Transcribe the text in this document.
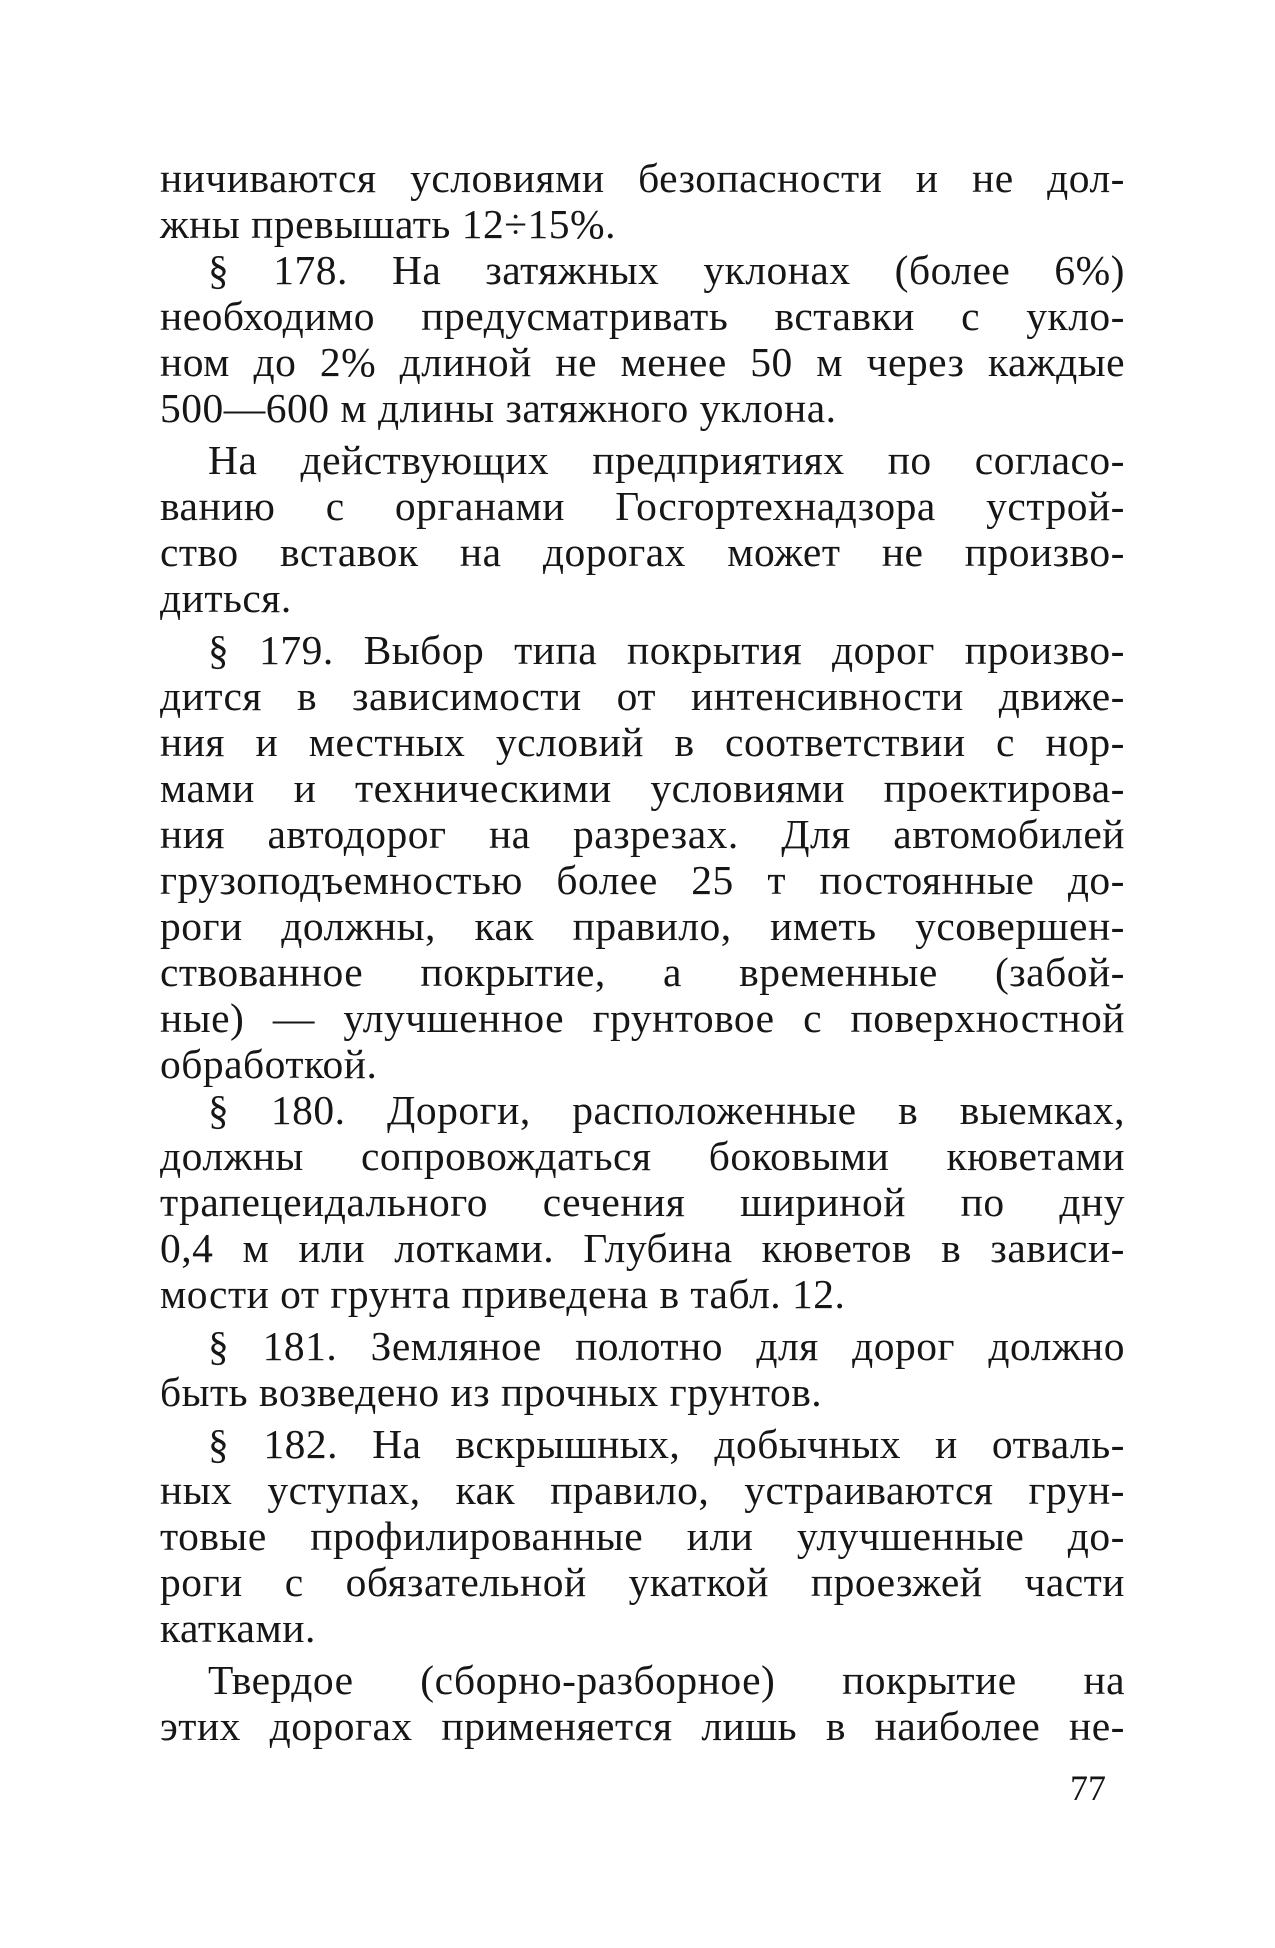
ничиваются условиями безопасности и не дол-
жны превышать 12÷15%.
§ 178. На затяжных уклонах (более 6%)
необходимо предусматривать вставки с укло-
ном до 2% длиной не менее 50 м через каждые
500—600 м длины затяжного уклона.
На действующих предприятиях по согласо-
ванию с органами Госгортехнадзора устрой-
ство вставок на дорогах может не произво-
диться.
§ 179. Выбор типа покрытия дорог произво-
дится в зависимости от интенсивности движе-
ния и местных условий в соответствии с нор-
мами и техническими условиями проектирова-
ния автодорог на разрезах. Для автомобилей
грузоподъемностью более 25 т постоянные до-
роги должны, как правило, иметь усовершен-
ствованное покрытие, а временные (забой-
ные) — улучшенное грунтовое с поверхностной
обработкой.
§ 180. Дороги, расположенные в выемках,
должны сопровождаться боковыми кюветами
трапецеидального сечения шириной по дну
0,4 м или лотками. Глубина кюветов в зависи-
мости от грунта приведена в табл. 12.
§ 181. Земляное полотно для дорог должно
быть возведено из прочных грунтов.
§ 182. На вскрышных, добычных и отваль-
ных уступах, как правило, устраиваются грун-
товые профилированные или улучшенные до-
роги с обязательной укаткой проезжей части
катками.
Твердое (сборно-разборное) покрытие на
этих дорогах применяется лишь в наиболее не-
77
